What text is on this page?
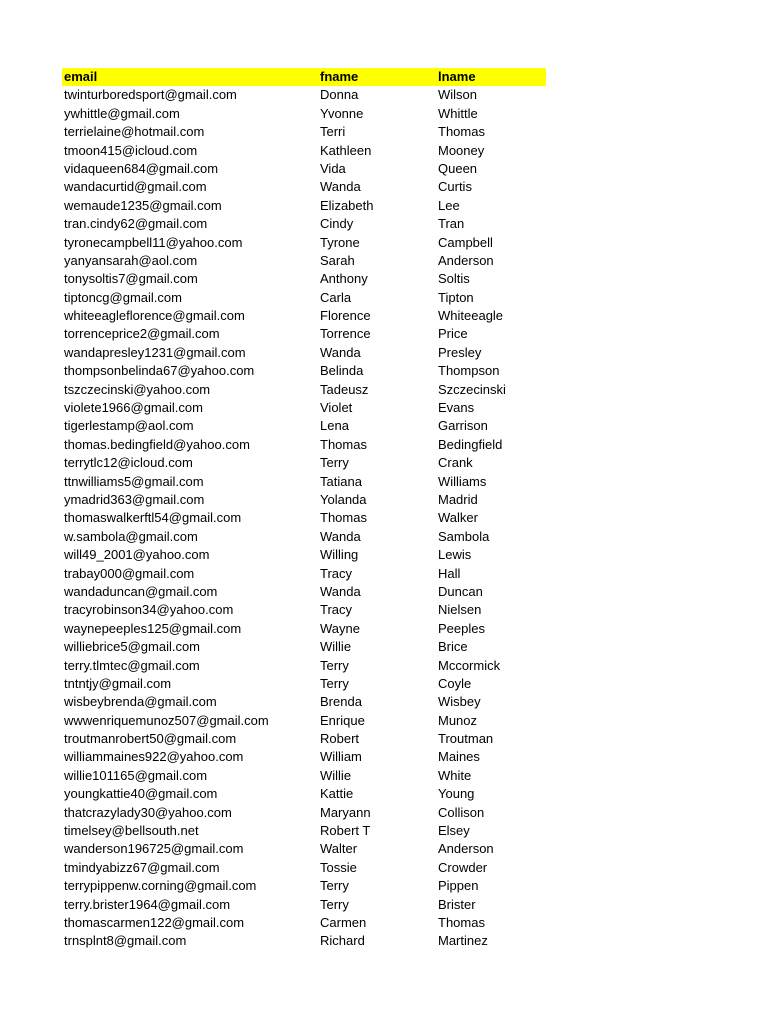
email	fname	lname
twinturboredsport@gmail.com	Donna	Wilson
ywhittle@gmail.com	Yvonne	Whittle
terrielaine@hotmail.com	Terri	Thomas
tmoon415@icloud.com	Kathleen	Mooney
vidaqueen684@gmail.com	Vida	Queen
wandacurtid@gmail.com	Wanda	Curtis
wemaude1235@gmail.com	Elizabeth	Lee
tran.cindy62@gmail.com	Cindy	Tran
tyronecampbell11@yahoo.com	Tyrone	Campbell
yanyansarah@aol.com	Sarah	Anderson
tonysoltis7@gmail.com	Anthony	Soltis
tiptoncg@gmail.com	Carla	Tipton
whiteeagleflorence@gmail.com	Florence	Whiteeagle
torrenceprice2@gmail.com	Torrence	Price
wandapresley1231@gmail.com	Wanda	Presley
thompsonbelinda67@yahoo.com	Belinda	Thompson
tszczecinski@yahoo.com	Tadeusz	Szczecinski
violete1966@gmail.com	Violet	Evans
tigerlestamp@aol.com	Lena	Garrison
thomas.bedingfield@yahoo.com	Thomas	Bedingfield
terrytlc12@icloud.com	Terry	Crank
ttnwilliams5@gmail.com	Tatiana	Williams
ymadrid363@gmail.com	Yolanda	Madrid
thomaswalkerftl54@gmail.com	Thomas	Walker
w.sambola@gmail.com	Wanda	Sambola
will49_2001@yahoo.com	Willing	Lewis
trabay000@gmail.com	Tracy	Hall
wandaduncan@gmail.com	Wanda	Duncan
tracyrobinson34@yahoo.com	Tracy	Nielsen
waynepeeples125@gmail.com	Wayne	Peeples
williebrice5@gmail.com	Willie	Brice
terry.tlmtec@gmail.com	Terry	Mccormick
tntntjy@gmail.com	Terry	Coyle
wisbeybrenda@gmail.com	Brenda	Wisbey
wwwenriquemunoz507@gmail.com	Enrique	Munoz
troutmanrobert50@gmail.com	Robert	Troutman
williammaines922@yahoo.com	William	Maines
willie101165@gmail.com	Willie	White
youngkattie40@gmail.com	Kattie	Young
thatcrazylady30@yahoo.com	Maryann	Collison
timelsey@bellsouth.net	Robert T	Elsey
wanderson196725@gmail.com	Walter	Anderson
tmindyabizz67@gmail.com	Tossie	Crowder
terrypippenw.corning@gmail.com	Terry	Pippen
terry.brister1964@gmail.com	Terry	Brister
thomascarmen122@gmail.com	Carmen	Thomas
trnsplnt8@gmail.com	Richard	Martinez
